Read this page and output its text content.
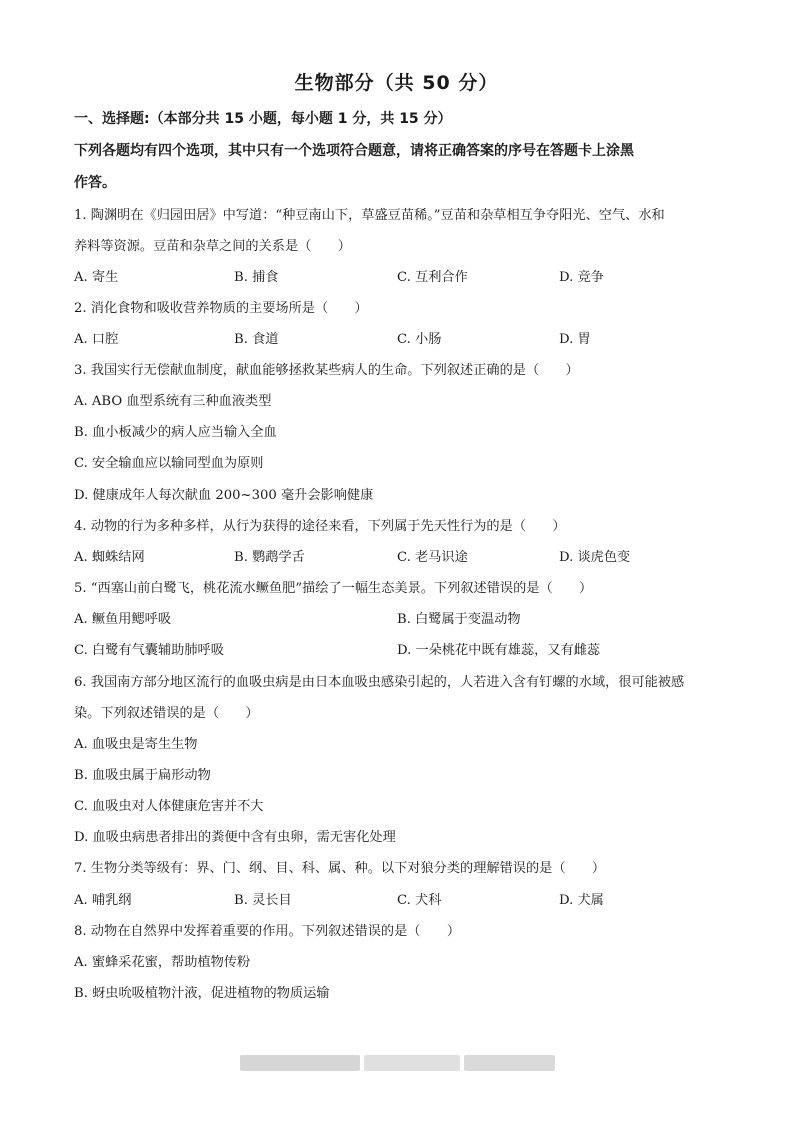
生物部分（共 50 分）
一、选择题:（本部分共 15 小题，每小题 1 分，共 15 分）
下列各题均有四个选项，其中只有一个选项符合题意，请将正确答案的序号在答题卡上涂黑
作答。
1. 陶渊明在《归园田居》中写道：“种豆南山下，草盛豆苗稀。”豆苗和杂草相互争夺阳光、空气、水和
养料等资源。豆苗和杂草之间的关系是（　　）
A. 寄生	B. 捕食	C. 互利合作	D. 竞争
2. 消化食物和吸收营养物质的主要场所是（　　）
A. 口腔	B. 食道	C. 小肠	D. 胃
3. 我国实行无偿献血制度，献血能够拯救某些病人的生命。下列叙述正确的是（　　）
A. ABO 血型系统有三种血液类型
B. 血小板减少的病人应当输入全血
C. 安全输血应以输同型血为原则
D. 健康成年人每次献血 200~300 毫升会影响健康
4. 动物的行为多种多样，从行为获得的途径来看，下列属于先天性行为的是（　　）
A. 蜘蛛结网	B. 鹦鹉学舌	C. 老马识途	D. 谈虎色变
5. “西塞山前白鹭飞，桃花流水鳜鱼肥”描绘了一幅生态美景。下列叙述错误的是（　　）
A. 鳜鱼用鳃呼吸	B. 白鹭属于变温动物
C. 白鹭有气囊辅助肺呼吸	D. 一朵桃花中既有雄蕊，又有雌蕊
6. 我国南方部分地区流行的血吸虫病是由日本血吸虫感染引起的，人若进入含有钉螺的水域，很可能被感
染。下列叙述错误的是（　　）
A. 血吸虫是寄生生物
B. 血吸虫属于扁形动物
C. 血吸虫对人体健康危害并不大
D. 血吸虫病患者排出的粪便中含有虫卵，需无害化处理
7. 生物分类等级有：界、门、纲、目、科、属、种。以下对狼分类的理解错误的是（　　）
A. 哺乳纲	B. 灵长目	C. 犬科	D. 犬属
8. 动物在自然界中发挥着重要的作用。下列叙述错误的是（　　）
A. 蜜蜂采花蜜，帮助植物传粉
B. 蚜虫吮吸植物汁液，促进植物的物质运输
